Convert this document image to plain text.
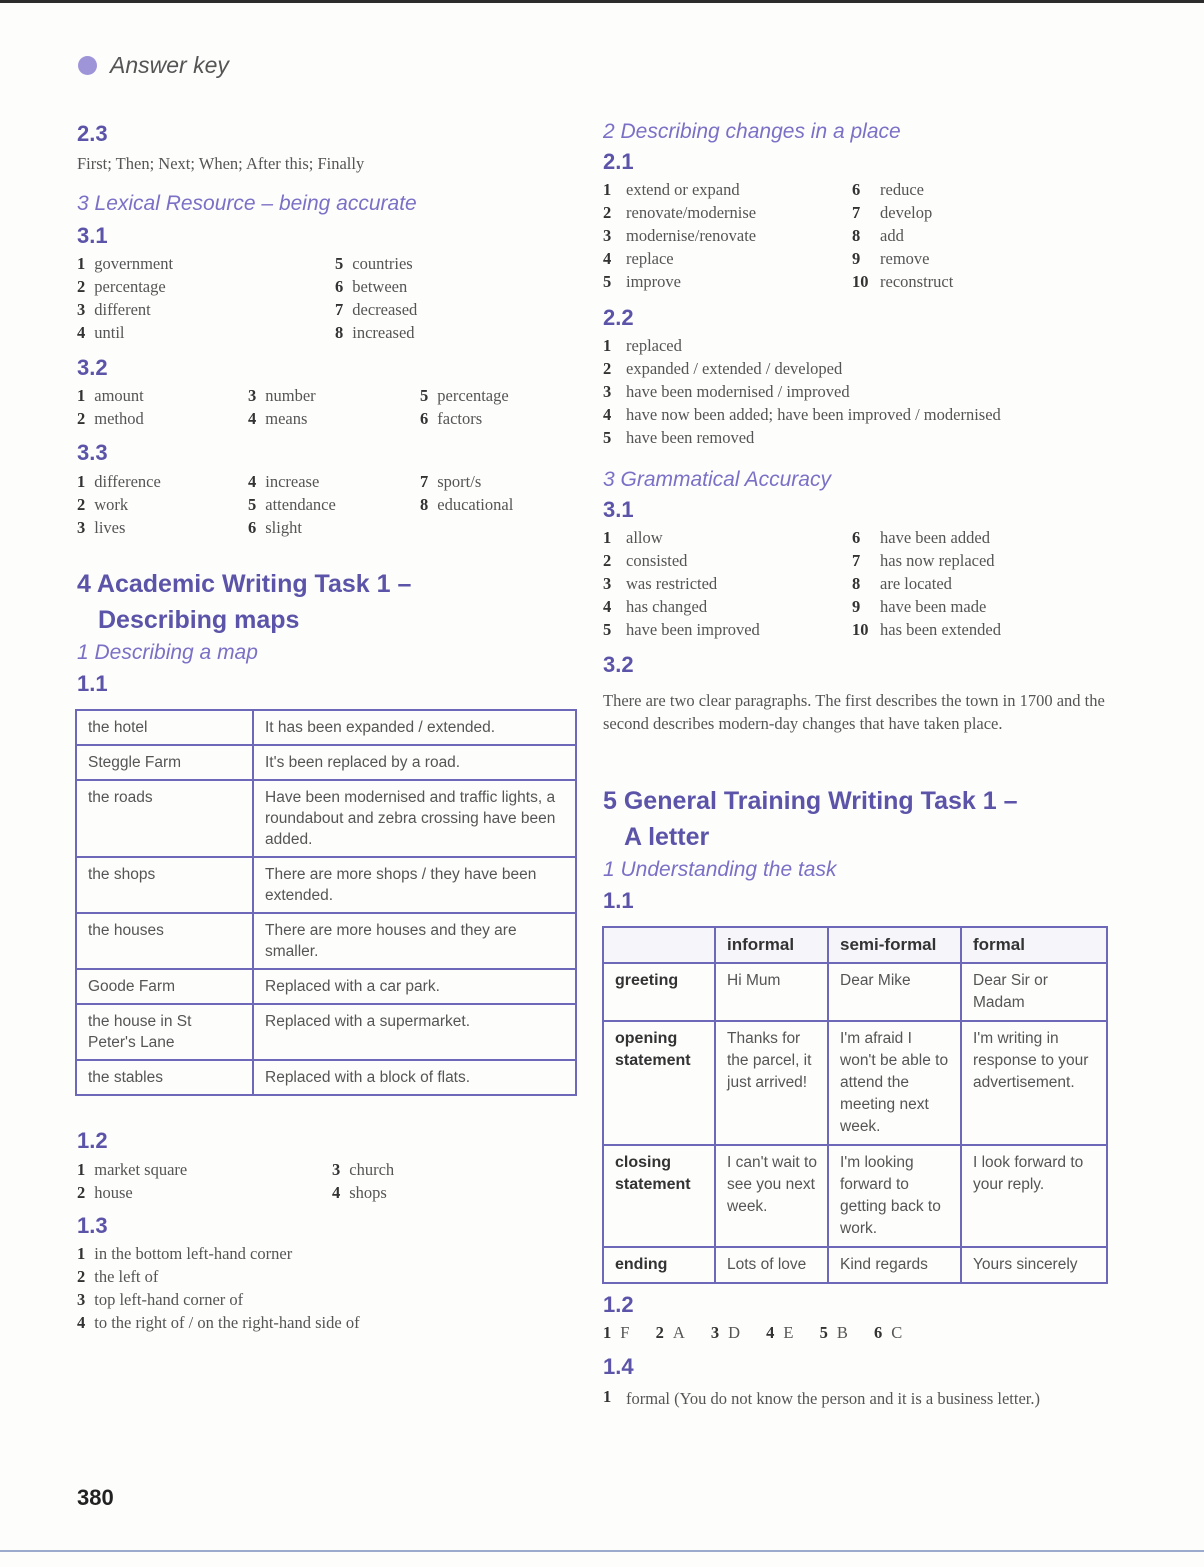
Answer key
2.3
First; Then; Next; When; After this; Finally
3 Lexical Resource – being accurate
3.1
1 government
2 percentage
3 different
4 until
5 countries
6 between
7 decreased
8 increased
3.2
1 amount
2 method
3 number
4 means
5 percentage
6 factors
3.3
1 difference
2 work
3 lives
4 increase
5 attendance
6 slight
7 sport/s
8 educational
4 Academic Writing Task 1 –
Describing maps
1 Describing a map
1.1
the hotel	It has been expanded / extended.
Steggle Farm	It's been replaced by a road.
the roads	Have been modernised and traffic lights, a roundabout and zebra crossing have been added.
the shops	There are more shops / they have been extended.
the houses	There are more houses and they are smaller.
Goode Farm	Replaced with a car park.
the house in St Peter's Lane	Replaced with a supermarket.
the stables	Replaced with a block of flats.
1.2
1 market square
2 house
3 church
4 shops
1.3
1 in the bottom left-hand corner
2 the left of
3 top left-hand corner of
4 to the right of / on the right-hand side of
2 Describing changes in a place
2.1
1 extend or expand
2 renovate/modernise
3 modernise/renovate
4 replace
5 improve
6 reduce
7 develop
8 add
9 remove
10 reconstruct
2.2
1 replaced
2 expanded / extended / developed
3 have been modernised / improved
4 have now been added; have been improved / modernised
5 have been removed
3 Grammatical Accuracy
3.1
1 allow
2 consisted
3 was restricted
4 has changed
5 have been improved
6 have been added
7 has now replaced
8 are located
9 have been made
10 has been extended
3.2
There are two clear paragraphs. The first describes the town in 1700 and the second describes modern-day changes that have taken place.
5 General Training Writing Task 1 –
A letter
1 Understanding the task
1.1
	informal	semi-formal	formal
greeting	Hi Mum	Dear Mike	Dear Sir or Madam
opening statement	Thanks for the parcel, it just arrived!	I'm afraid I won't be able to attend the meeting next week.	I'm writing in response to your advertisement.
closing statement	I can't wait to see you next week.	I'm looking forward to getting back to work.	I look forward to your reply.
ending	Lots of love	Kind regards	Yours sincerely
1.2
1 F 2 A 3 D 4 E 5 B 6 C
1.4
1 formal (You do not know the person and it is a business letter.)
380
